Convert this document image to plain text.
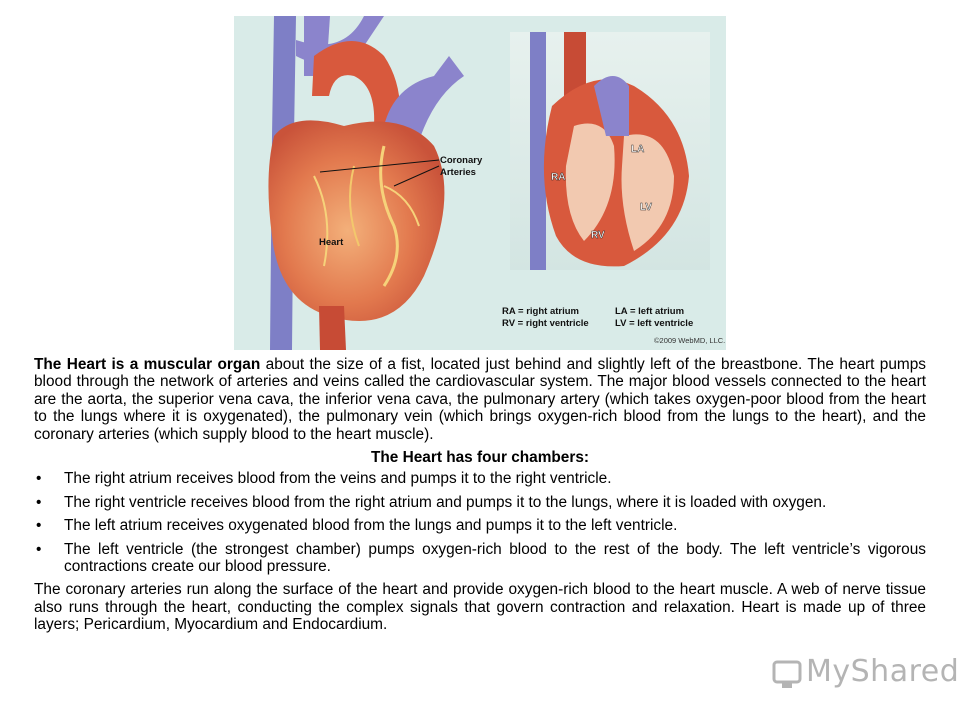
Coronary
Arteries
Heart
RA
LA
RV
LV
RA = right atrium	LA = left atrium
RV = right ventricle	LV = left ventricle
©2009 WebMD, LLC.

The Heart is a muscular organ about the size of a fist, located just behind and slightly left of the breastbone. The heart pumps blood through the network of arteries and veins called the cardiovascular system. The major blood vessels connected to the heart are the aorta, the superior vena cava, the inferior vena cava, the pulmonary artery (which takes oxygen-poor blood from the heart to the lungs where it is oxygenated), the pulmonary vein (which brings oxygen-rich blood from the lungs to the heart), and the coronary arteries (which supply blood to the heart muscle).

The Heart has four chambers:

• The right atrium receives blood from the veins and pumps it to the right ventricle.
• The right ventricle receives blood from the right atrium and pumps it to the lungs, where it is loaded with oxygen.
• The left atrium receives oxygenated blood from the lungs and pumps it to the left ventricle.
• The left ventricle (the strongest chamber) pumps oxygen-rich blood to the rest of the body. The left ventricle’s vigorous contractions create our blood pressure.

The coronary arteries run along the surface of the heart and provide oxygen-rich blood to the heart muscle. A web of nerve tissue also runs through the heart, conducting the complex signals that govern contraction and relaxation. Heart is made up of three layers; Pericardium, Myocardium and Endocardium.

MyShared
